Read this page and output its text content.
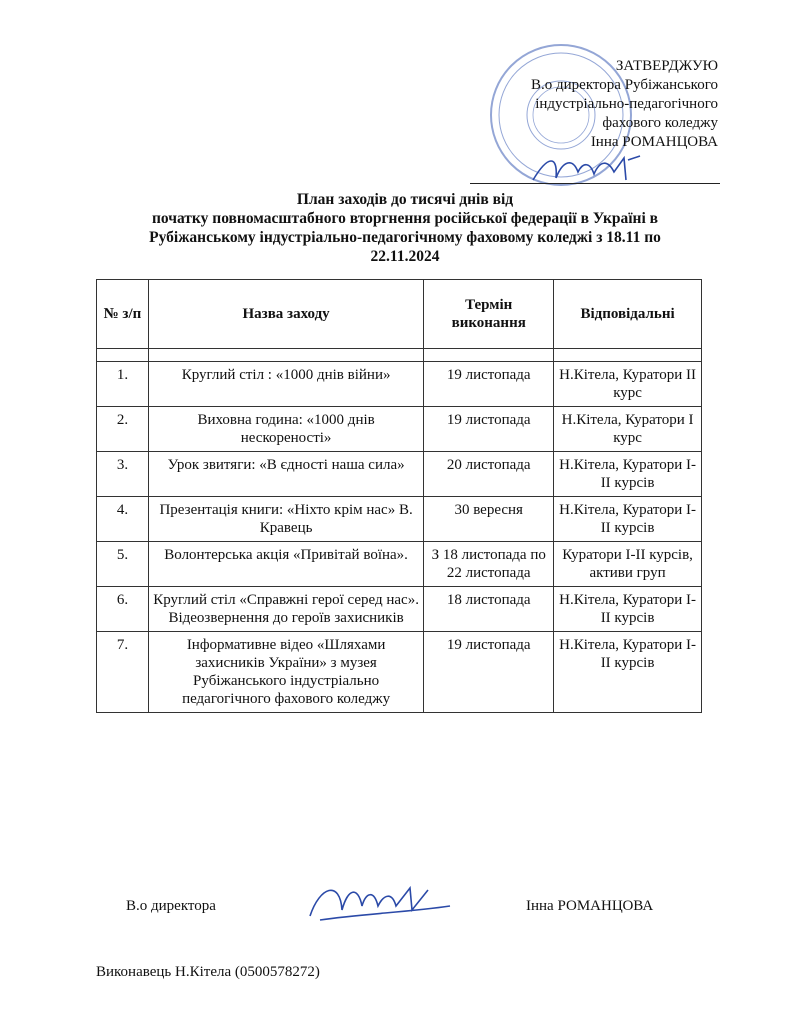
ЗАТВЕРДЖУЮ
В.о директора Рубіжанського
індустріально-педагогічного
фахового коледжу
Інна РОМАНЦОВА
План заходів до тисячі днів від
початку повномасштабного вторгнення російської федерації в Україні в
Рубіжанському індустріально-педагогічному фаховому коледжі з 18.11 по
22.11.2024
№ з/п	Назва заходу	Термін виконання	Відповідальні

1.	Круглий стіл : «1000 днів війни»	19 листопада	Н.Кітела, Куратори ІІ курс
2.	Виховна година: «1000 днів нескореності»	19 листопада	Н.Кітела, Куратори І курс
3.	Урок звитяги: «В єдності наша сила»	20 листопада	Н.Кітела, Куратори І-ІІ курсів
4.	Презентація книги: «Ніхто крім нас» В. Кравець	30 вересня	Н.Кітела, Куратори І-ІІ курсів
5.	Волонтерська акція «Привітай воїна».	З 18 листопада по 22 листопада	Куратори І-ІІ курсів, активи груп
6.	Круглий стіл «Справжні герої серед нас». Відеозвернення до героїв захисників	18 листопада	Н.Кітела, Куратори І-ІІ курсів
7.	Інформативне відео «Шляхами захисників України» з музея Рубіжанського індустріально педагогічного фахового коледжу	19 листопада	Н.Кітела, Куратори І-ІІ курсів
В.о директора	Інна РОМАНЦОВА
Виконавець Н.Кітела (0500578272)
